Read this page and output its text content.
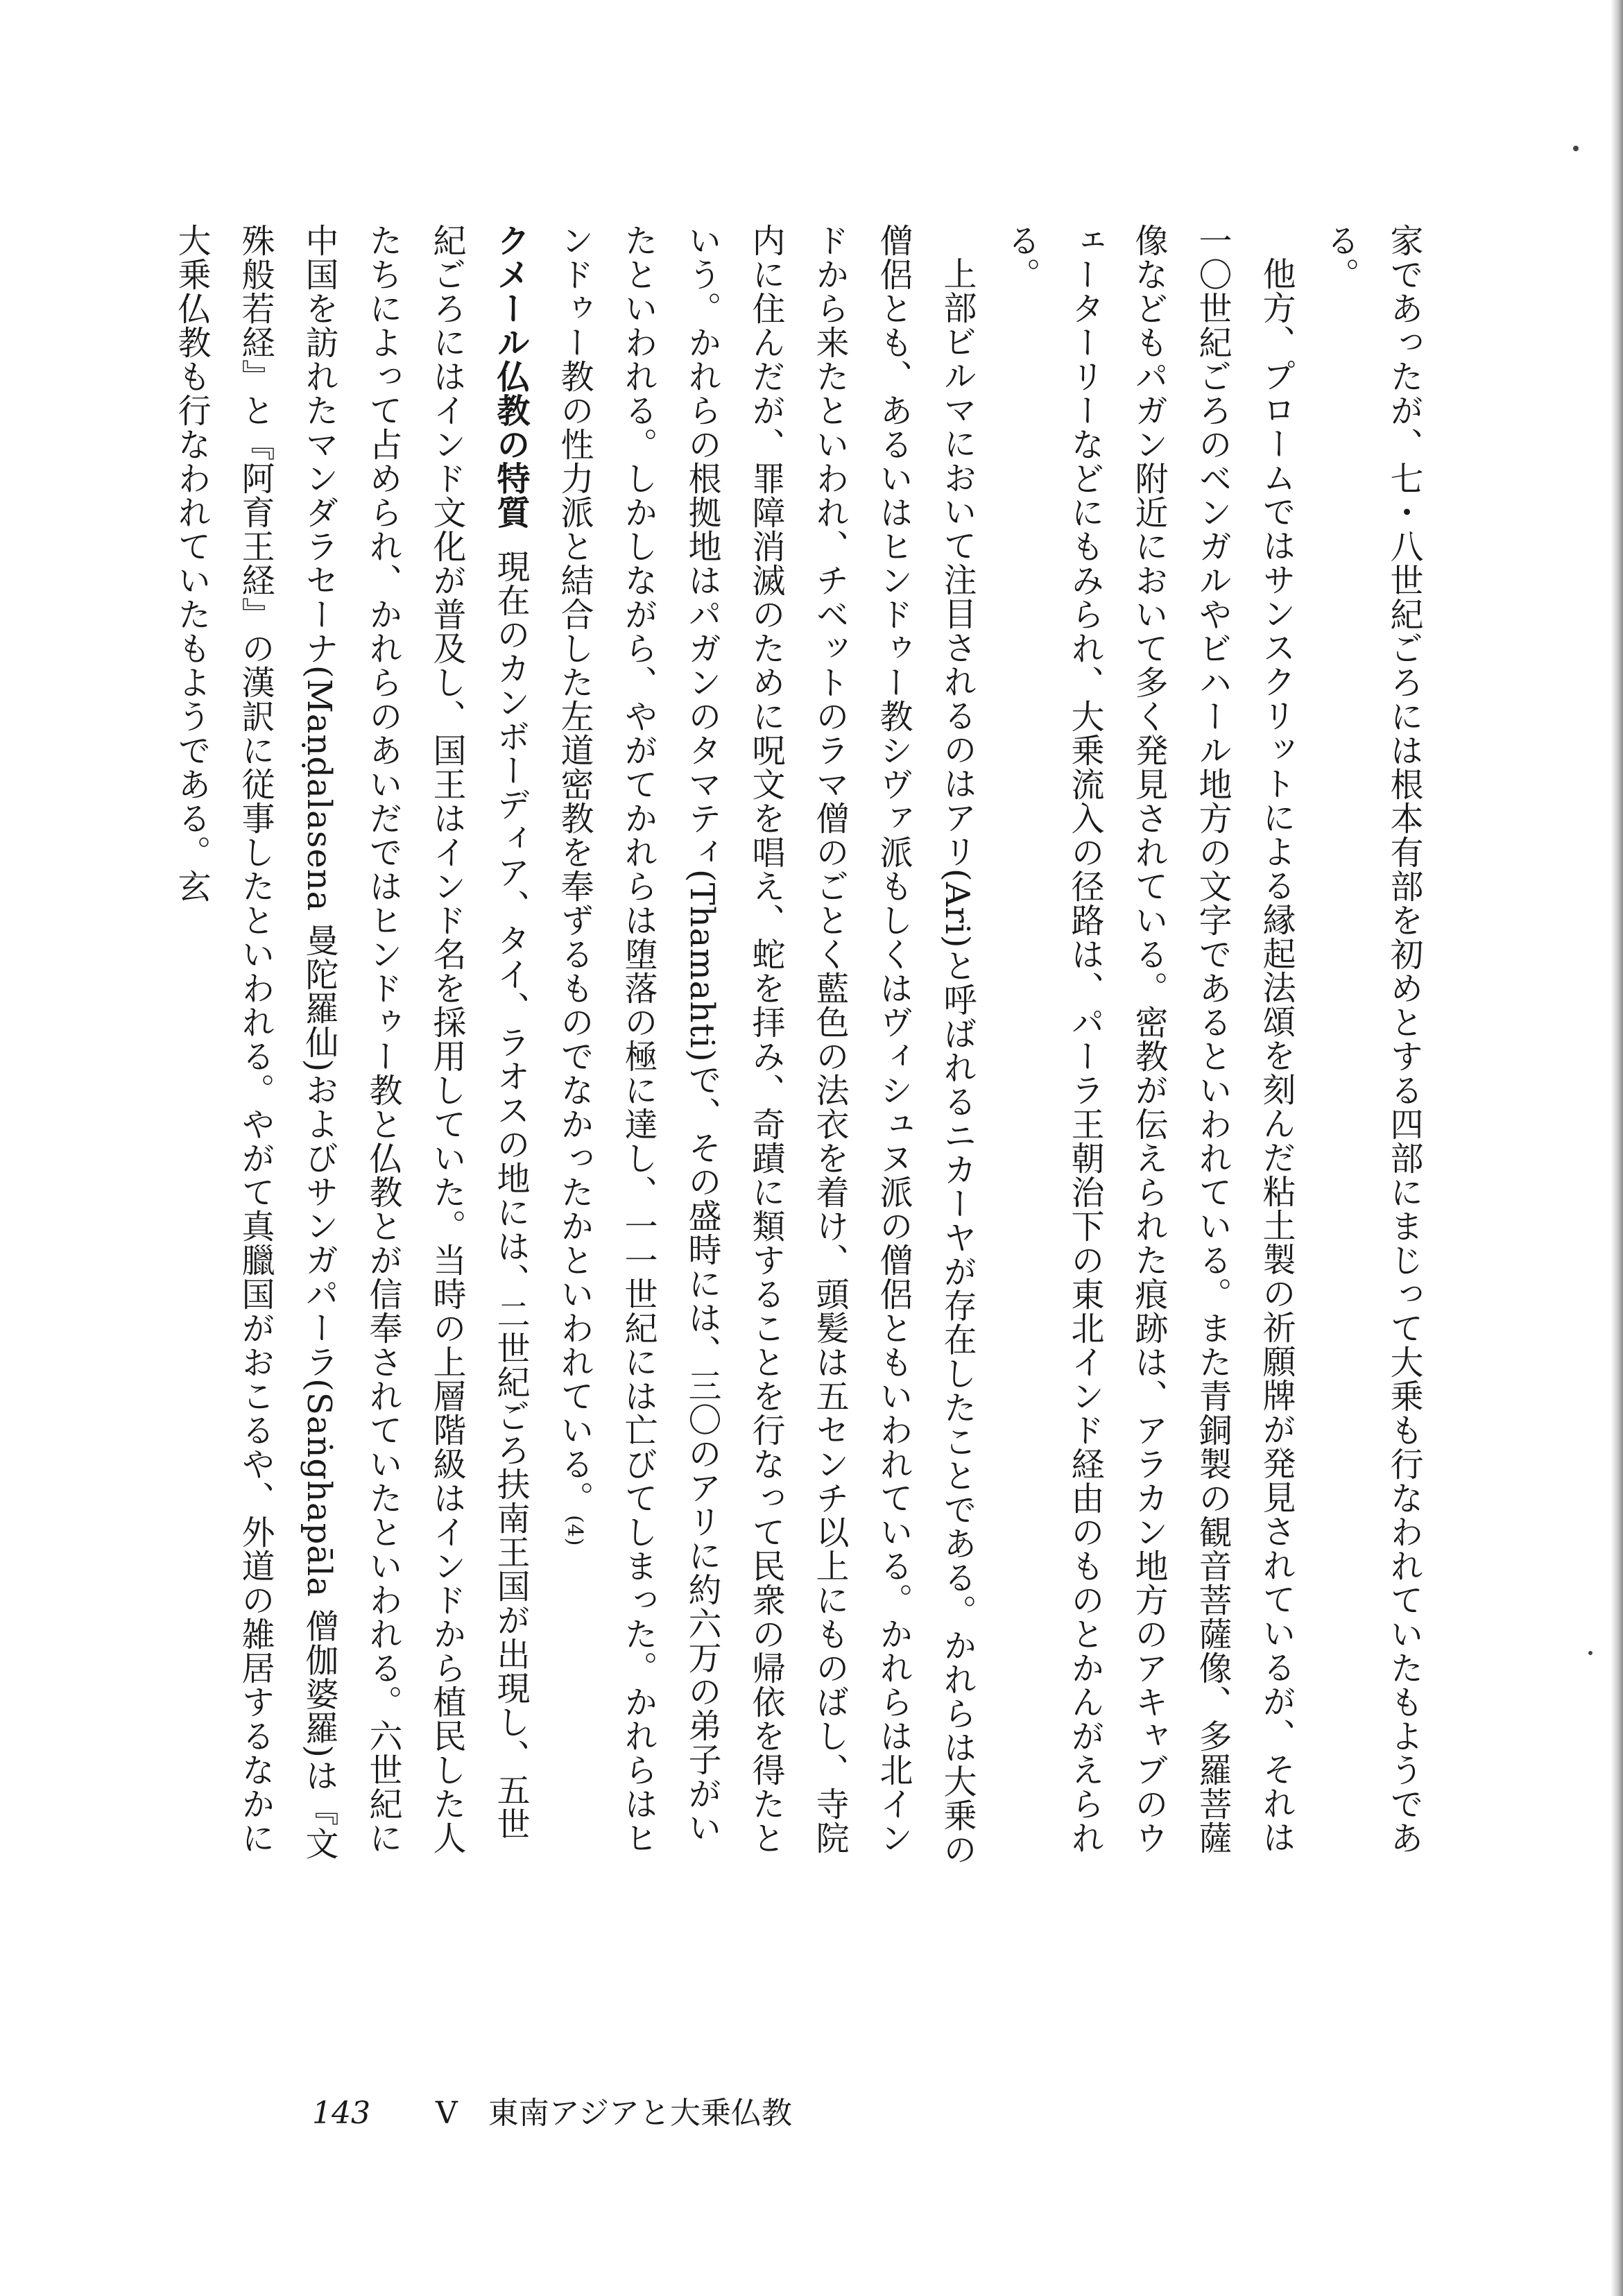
家であったが、七・八世紀ごろには根本有部を初めとする四部にまじって大乗も行なわれていたもようである。

他方、プロームではサンスクリットによる縁起法頌を刻んだ粘土製の祈願牌が発見されているが、それは一〇世紀ごろのベンガルやビハール地方の文字であるといわれている。また青銅製の観音菩薩像、多羅菩薩像などもパガン附近において多く発見されている。密教が伝えられた痕跡は、アラカン地方のアキャブのウェーターリーなどにもみられ、大乗流入の径路は、パーラ王朝治下の東北インド経由のものとかんがえられる。

上部ビルマにおいて注目されるのはアリ(Ari)と呼ばれるニカーヤが存在したことである。かれらは大乗の僧侶とも、あるいはヒンドゥー教シヴァ派もしくはヴィシュヌ派の僧侶ともいわれている。かれらは北インドから来たといわれ、チベットのラマ僧のごとく藍色の法衣を着け、頭髪は五センチ以上にものばし、寺院内に住んだが、罪障消滅のために呪文を唱え、蛇を拝み、奇蹟に類することを行なって民衆の帰依を得たという。かれらの根拠地はパガンのタマティ(Thamahti)で、その盛時には、三〇のアリに約六万の弟子がいたといわれる。しかしながら、やがてかれらは堕落の極に達し、一一世紀には亡びてしまった。かれらはヒンドゥー教の性力派と結合した左道密教を奉ずるものでなかったかといわれている。(4)

クメール仏教の特質現在のカンボーディア、タイ、ラオスの地には、二世紀ごろ扶南王国が出現し、五世紀ごろにはインド文化が普及し、国王はインド名を採用していた。当時の上層階級はインドから植民した人たちによって占められ、かれらのあいだではヒンドゥー教と仏教とが信奉されていたといわれる。六世紀に中国を訪れたマンダラセーナ(Maṇḍalasena 曼陀羅仙)およびサンガパーラ(Saṅghapāla 僧伽婆羅)は『文殊般若経』と『阿育王経』の漢訳に従事したといわれる。やがて真臘国がおこるや、外道の雑居するなかに大乗仏教も行なわれていたもようである。玄

143 V　東南アジアと大乗仏教
